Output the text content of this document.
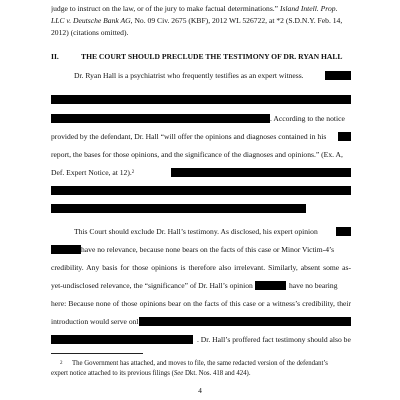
judge to instruct on the law, or of the jury to make factual determinations.” Island Intell. Prop.

LLC v. Deutsche Bank AG, No. 09 Civ. 2675 (KBF), 2012 WL 526722, at *2 (S.D.N.Y. Feb. 14,

2012) (citations omitted).

II.	THE COURT SHOULD PRECLUDE THE TESTIMONY OF DR. RYAN HALL

Dr. Ryan Hall is a psychiatrist who frequently testifies as an expert witness.

. According to the notice

provided by the defendant, Dr. Hall “will offer the opinions and diagnoses contained in his

report, the bases for those opinions, and the significance of the diagnoses and opinions.” (Ex. A,

Def. Expert Notice, at 12).$^2$

This Court should exclude Dr. Hall’s testimony. As disclosed, his expert opinion

have no relevance, because none bears on the facts of this case or Minor Victim-4’s

credibility. Any basis for those opinions is therefore also irrelevant. Similarly, absent some as-

yet-undisclosed relevance, the “significance” of Dr. Hall’s opinion	have no bearing

here: Because none of those opinions bear on the facts of this case or a witness’s credibility, their

introduction would serve onl

. Dr. Hall’s proffered fact testimony should also be

2 The Government has attached, and moves to file, the same redacted version of the defendant’s

expert notice attached to its previous filings (See Dkt. Nos. 418 and 424).

4
